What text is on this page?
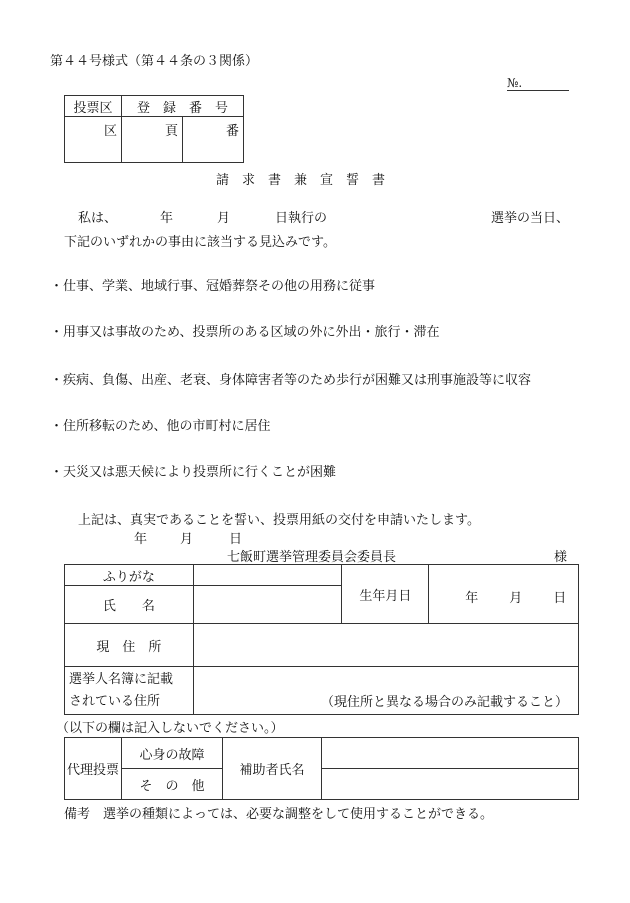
第４４号様式（第４４条の３関係）
№.
投票区	登　録　番　号	
区	頁	番
請　求　書　兼　宣　誓　書
私は、	年	月	日執行の	選挙の当日、
下記のいずれかの事由に該当する見込みです。
・仕事、学業、地域行事、冠婚葬祭その他の用務に従事
・用事又は事故のため、投票所のある区域の外に外出・旅行・滞在
・疾病、負傷、出産、老衰、身体障害者等のため歩行が困難又は刑事施設等に収容
・住所移転のため、他の市町村に居住
・天災又は悪天候により投票所に行くことが困難
上記は、真実であることを誓い、投票用紙の交付を申請いたします。
年	月	日
七飯町選挙管理委員会委員長	様
ふりがな		生年月日	年 月 日

氏　　名			
現　住　所			

選挙人名簿に記載
されている住所	（現住所と異なる場合のみ記載すること）		
（以下の欄は記入しないでください。）
代理投票	心身の故障	補助者氏名	
	そ　の　他		
備考　選挙の種類によっては、必要な調整をして使用することができる。
